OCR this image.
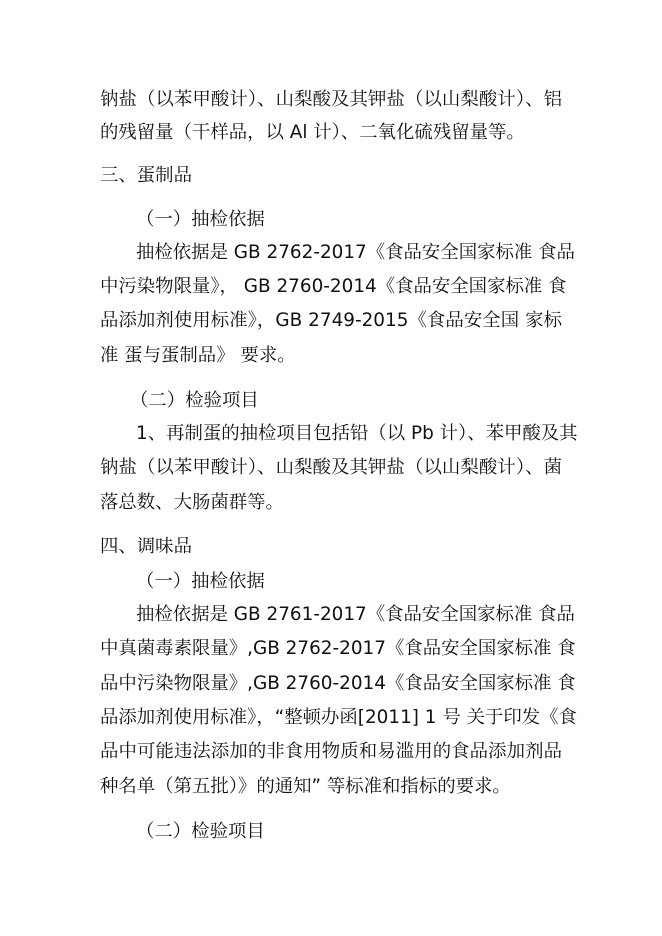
钠盐（以苯甲酸计）、山梨酸及其钾盐（以山梨酸计）、铝
的残留量（干样品，以 Al 计）、二氧化硫残留量等。
三、蛋制品
（一）抽检依据
抽检依据是 GB 2762-2017《食品安全国家标准 食品
中污染物限量》， GB 2760-2014《食品安全国家标准 食
品添加剂使用标准》，GB 2749-2015《食品安全国 家标
准 蛋与蛋制品》 要求。
（二）检验项目
1、再制蛋的抽检项目包括铅（以 Pb 计）、苯甲酸及其
钠盐（以苯甲酸计）、山梨酸及其钾盐（以山梨酸计）、菌
落总数、大肠菌群等。
四、调味品
（一）抽检依据
抽检依据是 GB 2761-2017《食品安全国家标准 食品
中真菌毒素限量》,GB 2762-2017《食品安全国家标准 食
品中污染物限量》,GB 2760-2014《食品安全国家标准 食
品添加剂使用标准》，“整顿办函[2011] 1 号 关于印发《食
品中可能违法添加的非食用物质和易滥用的食品添加剂品
种名单（第五批）》的通知” 等标准和指标的要求。
（二）检验项目
